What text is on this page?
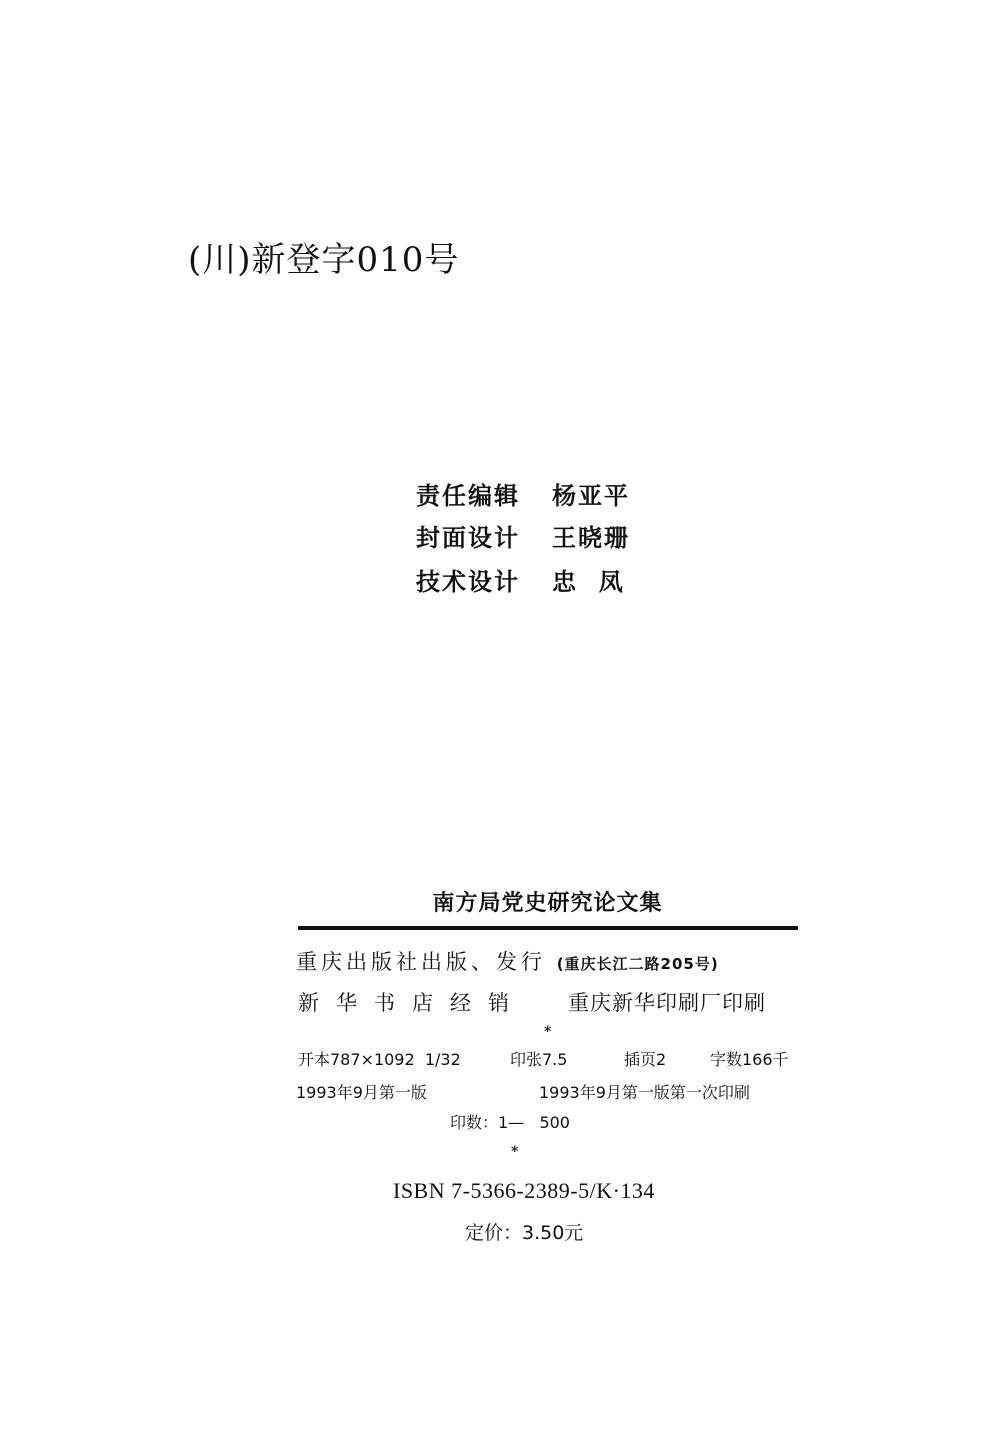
(川)新登字010号
责任编辑 杨亚平
封面设计 王晓珊
技术设计 忠  凤
南方局党史研究论文集
重庆出版社出版、发行 (重庆长江二路205号)
新华书店经销 重庆新华印刷厂印刷
*
开本787×1092  1/32	印张7.5	插页2	字数166千
1993年9月第一版	1993年9月第一版第一次印刷
印数：1—   500
*
ISBN 7-5366-2389-5/K·134
定价：3.50元
